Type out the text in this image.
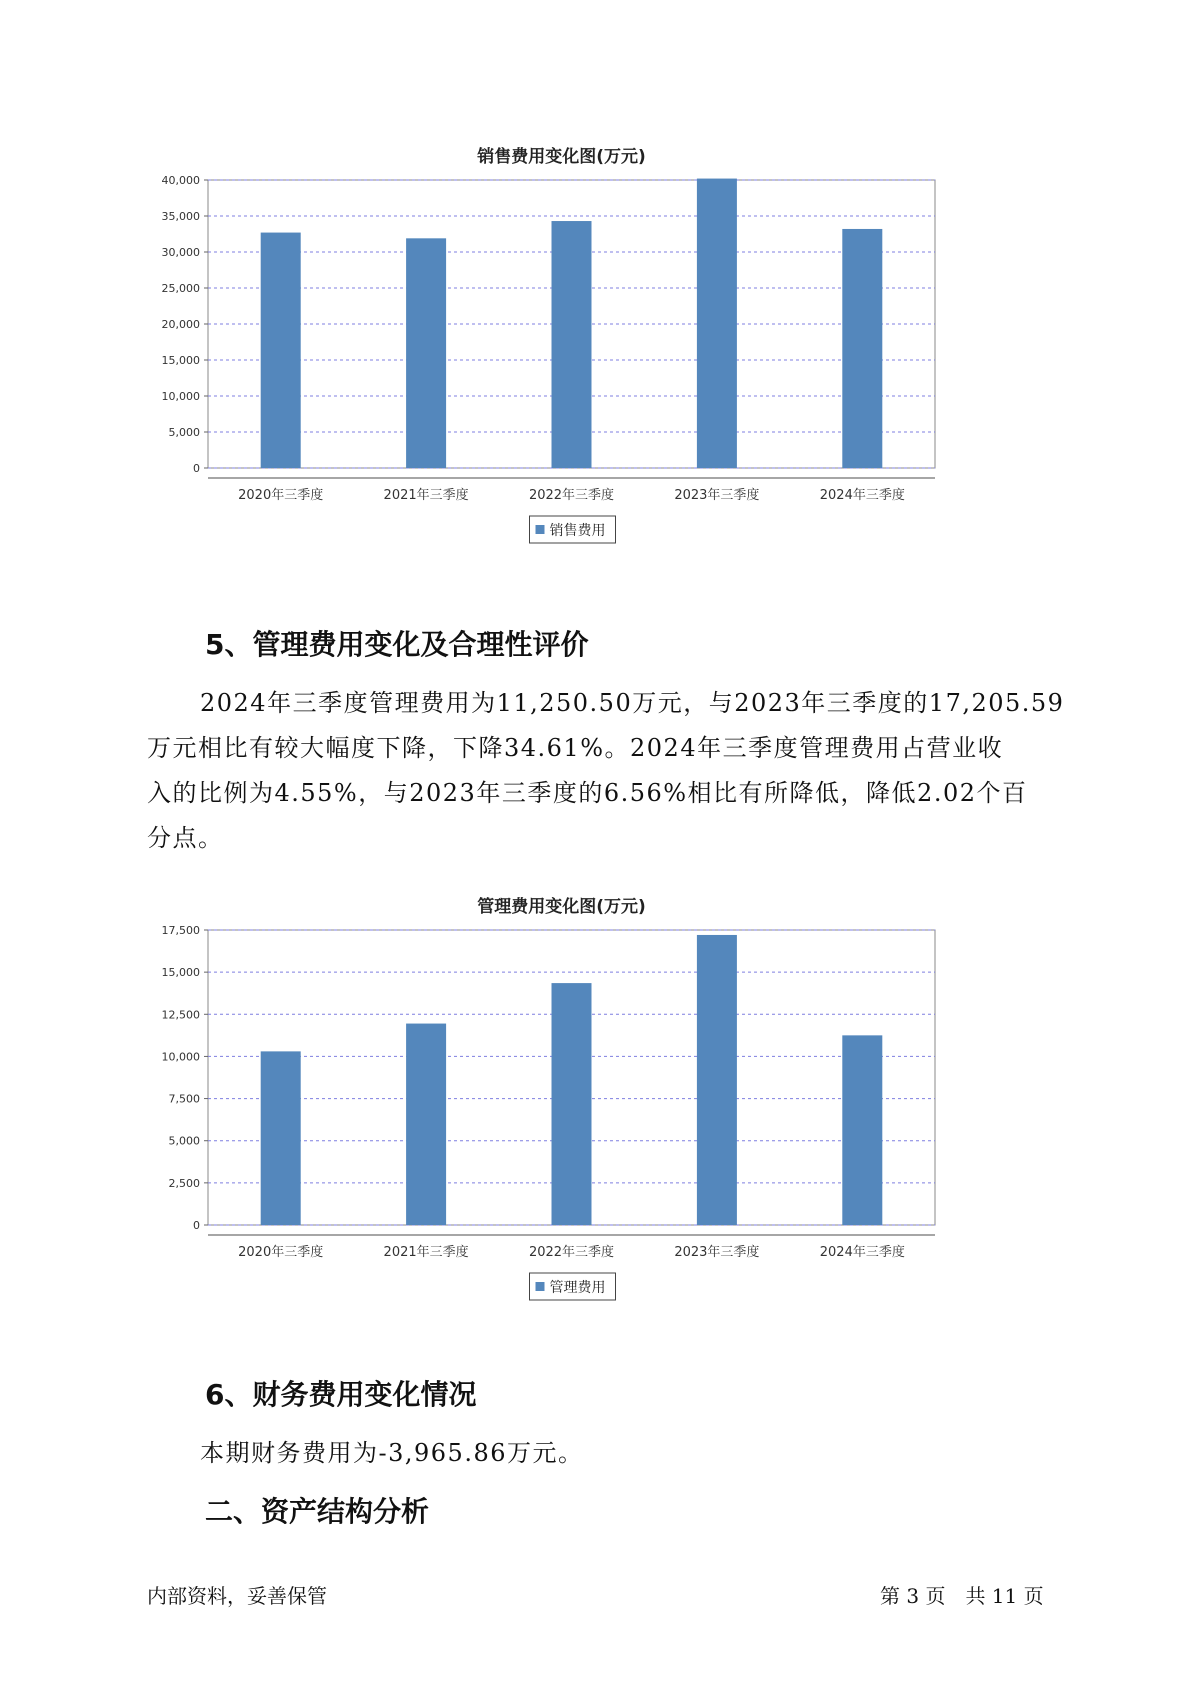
销售费用变化图(万元)
0
5,000
10,000
15,000
20,000
25,000
30,000
35,000
40,000
2020年三季度	2021年三季度	2022年三季度	2023年三季度	2024年三季度
销售费用
5、管理费用变化及合理性评价

2024年三季度管理费用为11,250.50万元，与2023年三季度的17,205.59

万元相比有较大幅度下降，下降34.61%。2024年三季度管理费用占营业收

入的比例为4.55%，与2023年三季度的6.56%相比有所降低，降低2.02个百

分点。

管理费用变化图(万元)
0
2,500
5,000
7,500
10,000
12,500
15,000
17,500
2020年三季度	2021年三季度	2022年三季度	2023年三季度	2024年三季度
管理费用
6、财务费用变化情况

本期财务费用为-3,965.86万元。

二、资产结构分析
内部资料，妥善保管	第 3 页　共 11 页
